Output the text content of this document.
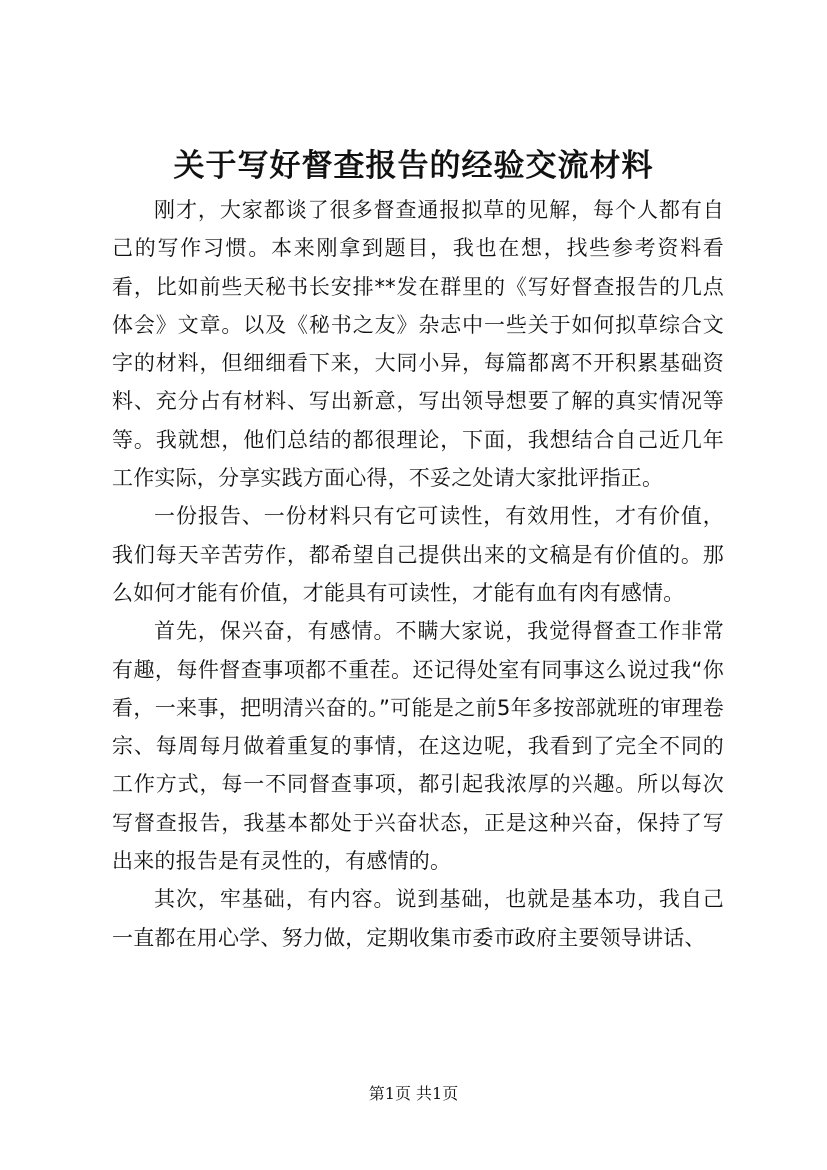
关于写好督查报告的经验交流材料

刚才，大家都谈了很多督查通报拟草的见解，每个人都有自己的写作习惯。本来刚拿到题目，我也在想，找些参考资料看看，比如前些天秘书长安排**发在群里的《写好督查报告的几点体会》文章。以及《秘书之友》杂志中一些关于如何拟草综合文字的材料，但细细看下来，大同小异，每篇都离不开积累基础资料、充分占有材料、写出新意，写出领导想要了解的真实情况等等。我就想，他们总结的都很理论，下面，我想结合自己近几年工作实际，分享实践方面心得，不妥之处请大家批评指正。

一份报告、一份材料只有它可读性，有效用性，才有价值，我们每天辛苦劳作，都希望自己提供出来的文稿是有价值的。那么如何才能有价值，才能具有可读性，才能有血有肉有感情。

首先，保兴奋，有感情。不瞒大家说，我觉得督查工作非常有趣，每件督查事项都不重茬。还记得处室有同事这么说过我“你看，一来事，把明清兴奋的。”可能是之前5年多按部就班的审理卷宗、每周每月做着重复的事情，在这边呢，我看到了完全不同的工作方式，每一不同督查事项，都引起我浓厚的兴趣。所以每次写督查报告，我基本都处于兴奋状态，正是这种兴奋，保持了写出来的报告是有灵性的，有感情的。

其次，牢基础，有内容。说到基础，也就是基本功，我自己一直都在用心学、努力做，定期收集市委市政府主要领导讲话、

第1页 共1页
